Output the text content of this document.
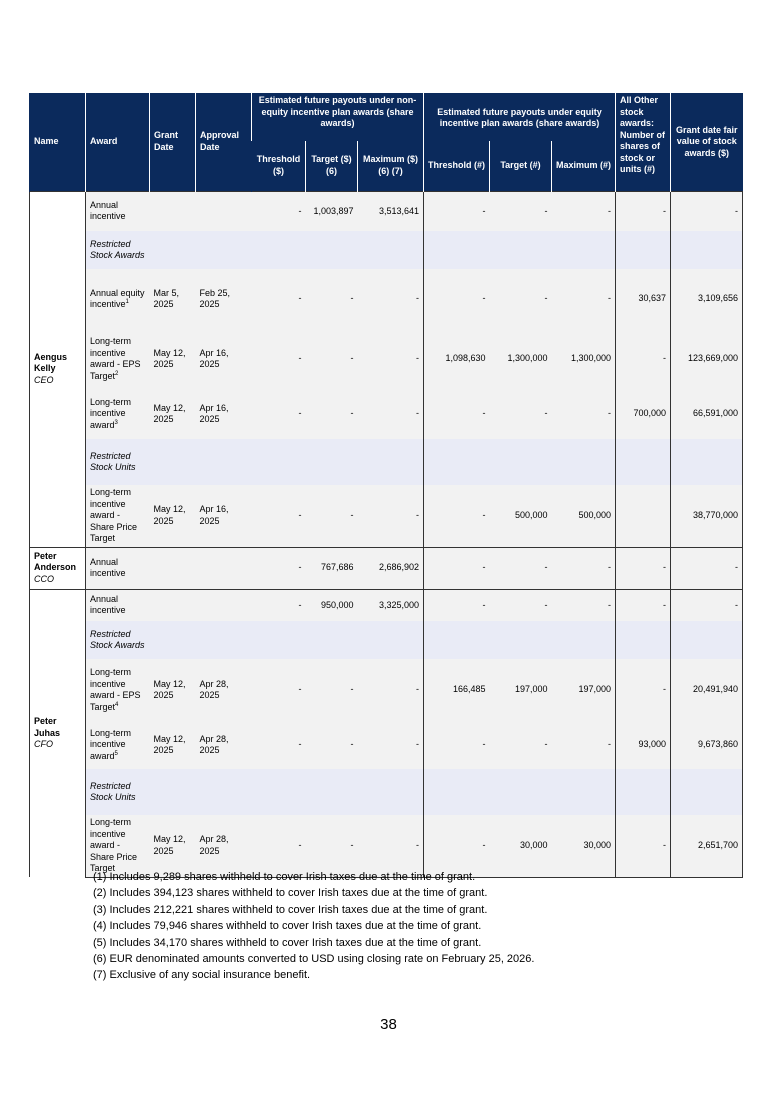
Name	Award	Grant Date	Approval Date	Estimated future payouts under non-equity incentive plan awards (share awards)			Estimated future payouts under equity incentive plan awards (share awards)			All Other stock awards: Number of shares of stock or units (#)	Grant date fair value of stock awards ($)
				Threshold ($)	Target ($) (6)	Maximum ($) (6) (7)	Threshold (#)	Target (#)	Maximum (#)		

Aengus Kelly
CEO	Annual incentive			-	1,003,897	3,513,641	-	-	-	-	-
	Restricted Stock Awards										
	Annual equity incentive$^1$	Mar 5, 2025	Feb 25, 2025	-	-	-	-	-	-	30,637	3,109,656
	Long-term incentive award - EPS Target$^2$	May 12, 2025	Apr 16, 2025	-	-	-	1,098,630	1,300,000	1,300,000	-	123,669,000
	Long-term incentive award$^3$	May 12, 2025	Apr 16, 2025	-	-	-	-	-	-	700,000	66,591,000
	Restricted Stock Units										
	Long-term incentive award - Share Price Target	May 12, 2025	Apr 16, 2025	-	-	-	-	500,000	500,000		38,770,000

Peter Anderson
CCO	Annual incentive			-	767,686	2,686,902	-	-	-	-	-

Peter Juhas
CFO	Annual incentive			-	950,000	3,325,000	-	-	-	-	-
	Restricted Stock Awards										
	Long-term incentive award - EPS Target$^4$	May 12, 2025	Apr 28, 2025	-	-	-	166,485	197,000	197,000	-	20,491,940
	Long-term incentive award$^5$	May 12, 2025	Apr 28, 2025	-	-	-	-	-	-	93,000	9,673,860
	Restricted Stock Units										
	Long-term incentive award - Share Price Target	May 12, 2025	Apr 28, 2025	-	-	-	-	30,000	30,000	-	2,651,700
(1) Includes 9,289 shares withheld to cover Irish taxes due at the time of grant.
(2) Includes 394,123 shares withheld to cover Irish taxes due at the time of grant.
(3) Includes 212,221 shares withheld to cover Irish taxes due at the time of grant.
(4) Includes 79,946 shares withheld to cover Irish taxes due at the time of grant.
(5) Includes 34,170 shares withheld to cover Irish taxes due at the time of grant.
(6) EUR denominated amounts converted to USD using closing rate on February 25, 2026.
(7) Exclusive of any social insurance benefit.
38
